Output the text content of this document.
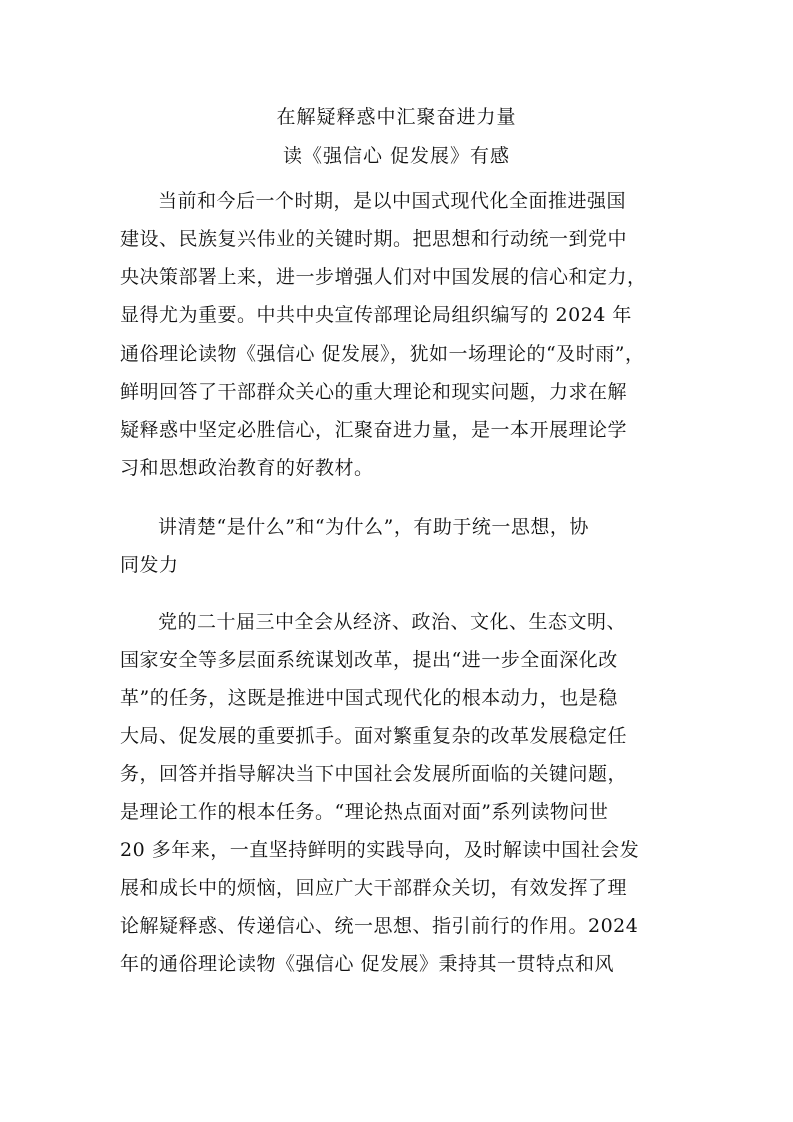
在解疑释惑中汇聚奋进力量
读《强信心 促发展》有感
当前和今后一个时期，是以中国式现代化全面推进强国
建设、民族复兴伟业的关键时期。把思想和行动统一到党中
央决策部署上来，进一步增强人们对中国发展的信心和定力，
显得尤为重要。中共中央宣传部理论局组织编写的 2024 年
通俗理论读物《强信心 促发展》，犹如一场理论的“及时雨”，
鲜明回答了干部群众关心的重大理论和现实问题，力求在解
疑释惑中坚定必胜信心，汇聚奋进力量，是一本开展理论学
习和思想政治教育的好教材。
讲清楚“是什么”和“为什么”，有助于统一思想，协
同发力
党的二十届三中全会从经济、政治、文化、生态文明、
国家安全等多层面系统谋划改革，提出“进一步全面深化改
革”的任务，这既是推进中国式现代化的根本动力，也是稳
大局、促发展的重要抓手。面对繁重复杂的改革发展稳定任
务，回答并指导解决当下中国社会发展所面临的关键问题，
是理论工作的根本任务。“理论热点面对面”系列读物问世
20 多年来，一直坚持鲜明的实践导向，及时解读中国社会发
展和成长中的烦恼，回应广大干部群众关切，有效发挥了理
论解疑释惑、传递信心、统一思想、指引前行的作用。2024
年的通俗理论读物《强信心 促发展》秉持其一贯特点和风
